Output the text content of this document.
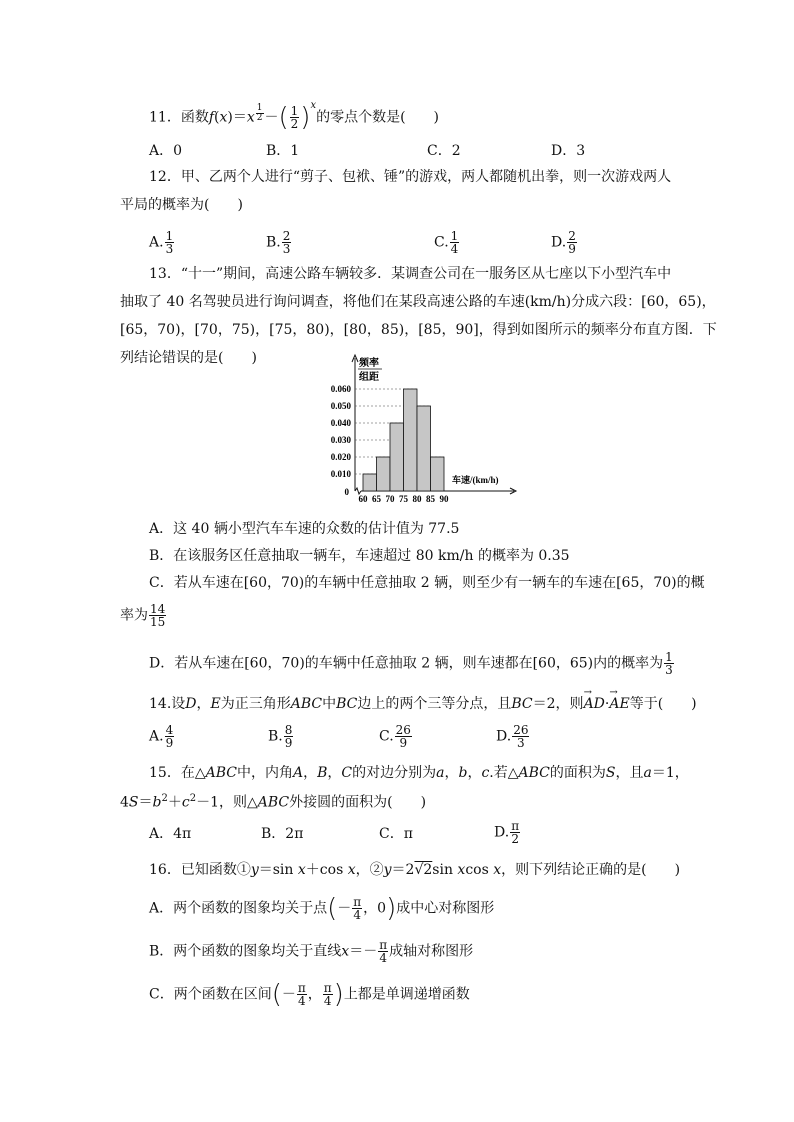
11．函数f(x)＝x $^{\frac{1}{2}}$ －( $\frac{1}{2} )^x$的零点个数是(　　)
A．0	B．1	C．2	D．3
12．甲、乙两个人进行“剪子、包袱、锤”的游戏，两人都随机出拳，则一次游戏两人
平局的概率为(　　)
A. $\frac{1}{3}$	B. $\frac{2}{3}$	C. $\frac{1}{4}$	D. $\frac{2}{9}$
13．“十一”期间，高速公路车辆较多．某调查公司在一服务区从七座以下小型汽车中
抽取了 40 名驾驶员进行询问调查，将他们在某段高速公路的车速(km/h)分成六段：[60，65)，
[65，70)，[70，75)，[75，80)，[80，85)，[85，90]，得到如图所示的频率分布直方图．下
列结论错误的是(　　)	频率
组距
0.060
0.050
0.040
0.030
0.020
0.010
0
60 65 70 75 80 85 90
车速/(km/h)
A．这 40 辆小型汽车车速的众数的估计值为 77.5
B．在该服务区任意抽取一辆车，车速超过 80 km/h 的概率为 0.35
C．若从车速在[60，70)的车辆中任意抽取 2 辆，则至少有一辆车的车速在[65，70)的概
率为 $\frac{14}{15}$
D．若从车速在[60，70)的车辆中任意抽取 2 辆，则车速都在[60，65)内的概率为 $\frac{1}{3}$
14.设D，E为正三角形ABC中BC边上的两个三等分点，且BC＝2，则→ AD·→ AE等于(　　)
A. $\frac{4}{9}$	B. $\frac{8}{9}$	C. $\frac{26}{9}$	D. $\frac{26}{3}$
15．在△ABC中，内角A，B，C的对边分别为a，b，c.若△ABC的面积为S，且a＝1，
$4S=b^2+c^2-1$，则△ABC外接圆的面积为(　　)
A．4π	B．2π	C．π	D. $\frac{\pi}{2}$
16．已知函数①y＝sin x＋cos x，②y＝2√2sin xcos x，则下列结论正确的是(　　)
A．两个函数的图象均关于点(－ $\frac{\pi}{4}$ ，0)成中心对称图形
B．两个函数的图象均关于直线$x=- \frac{\pi}{4}$ 成轴对称图形
C．两个函数在区间(－ $\frac{\pi}{4}$ ， $\frac{\pi}{4}$ )上都是单调递增函数
